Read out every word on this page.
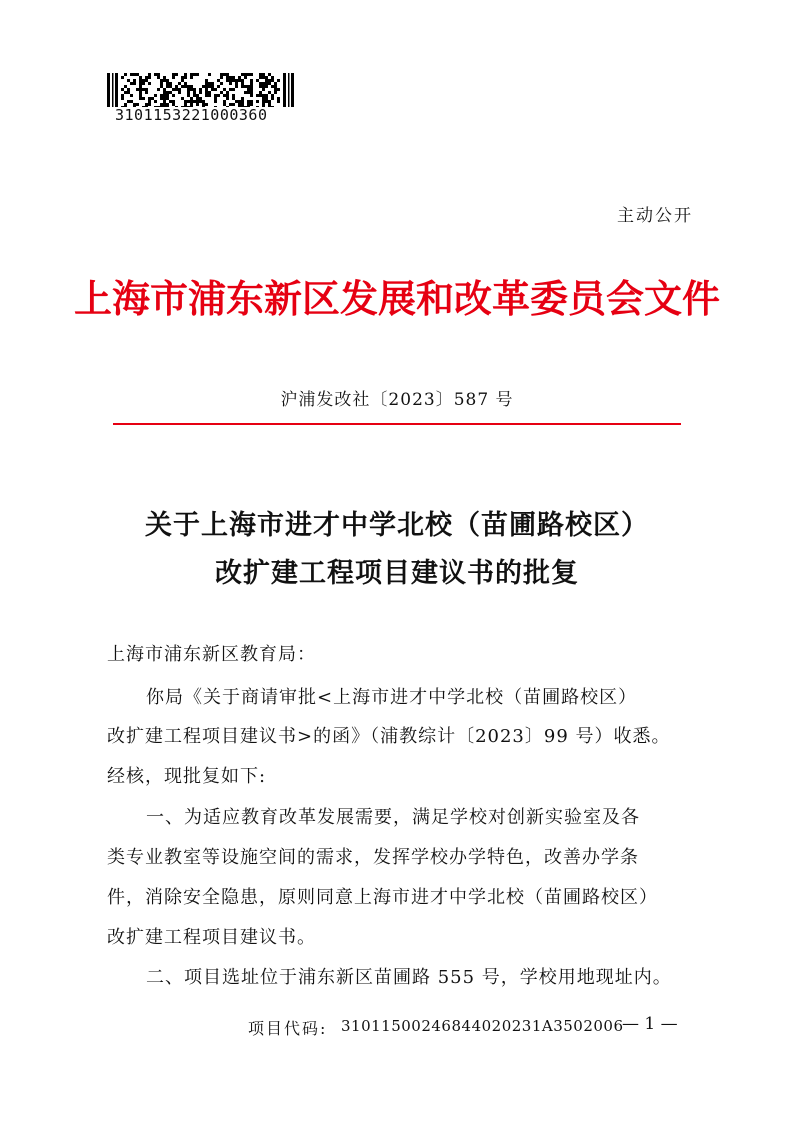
3101153221000360
主动公开
上海市浦东新区发展和改革委员会文件
沪浦发改社〔2023〕587 号
关于上海市进才中学北校（苗圃路校区）
改扩建工程项目建议书的批复
上海市浦东新区教育局：
你局《关于商请审批<上海市进才中学北校（苗圃路校区）
改扩建工程项目建议书>的函》（浦教综计〔2023〕99 号）收悉。
经核，现批复如下:
一、为适应教育改革发展需要，满足学校对创新实验室及各
类专业教室等设施空间的需求，发挥学校办学特色，改善办学条
件，消除安全隐患，原则同意上海市进才中学北校（苗圃路校区）
改扩建工程项目建议书。
二、项目选址位于浦东新区苗圃路 555 号，学校用地现址内。
项目代码: 31011500246844020231A3502006
— 1 —
